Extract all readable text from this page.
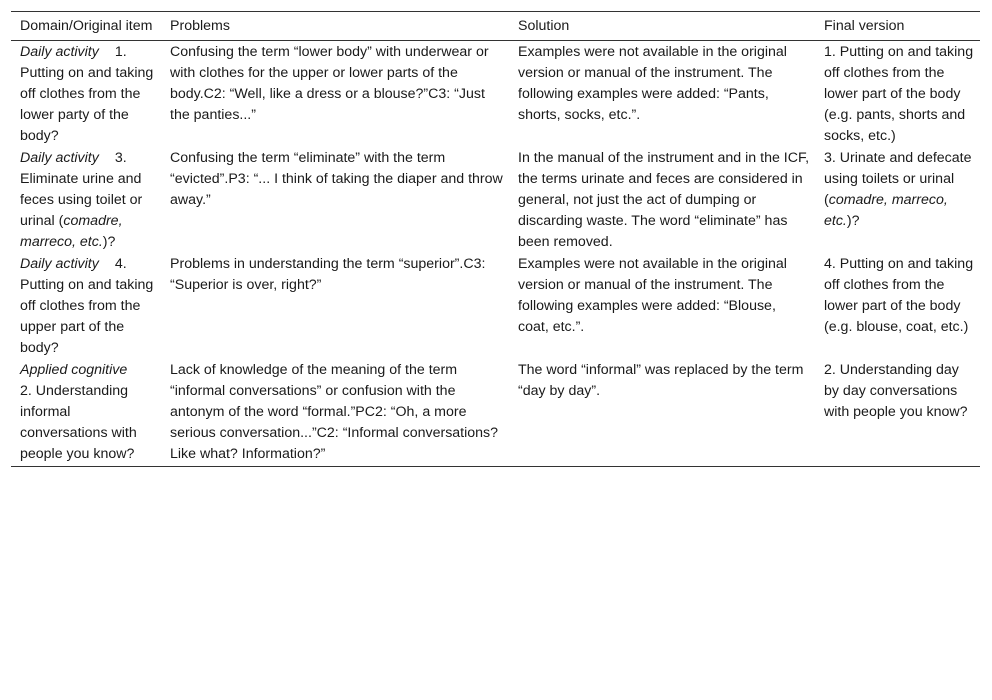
Domain/Original item	Problems	Solution	Final version
Daily activity 1. Putting on and taking off clothes from the lower party of the body?	Confusing the term “lower body” with underwear or with clothes for the upper or lower parts of the body.C2: “Well, like a dress or a blouse?”C3: “Just the panties...”	Examples were not available in the original version or manual of the instrument. The following examples were added: “Pants, shorts, socks, etc.”.	1. Putting on and taking off clothes from the lower part of the body (e.g. pants, shorts and socks, etc.)
Daily activity 3. Eliminate urine and feces using toilet or urinal (comadre, marreco, etc.)?	Confusing the term “eliminate” with the term “evicted”.P3: “... I think of taking the diaper and throw away.”	In the manual of the instrument and in the ICF, the terms urinate and feces are considered in general, not just the act of dumping or discarding waste. The word “eliminate” has been removed.	3. Urinate and defecate using toilets or urinal (comadre, marreco, etc.)?
Daily activity 4. Putting on and taking off clothes from the upper part of the body?	Problems in understanding the term “superior”.C3: “Superior is over, right?”	Examples were not available in the original version or manual of the instrument. The following examples were added: “Blouse, coat, etc.”.	4. Putting on and taking off clothes from the lower part of the body (e.g. blouse, coat, etc.)
Applied cognitive2. Understanding informal conversations with people you know?	Lack of knowledge of the meaning of the term “informal conversations” or confusion with the antonym of the word “formal.”PC2: “Oh, a more serious conversation...”C2: “Informal conversations? Like what? Information?”	The word “informal” was replaced by the term “day by day”.	2. Understanding day by day conversations with people you know?
